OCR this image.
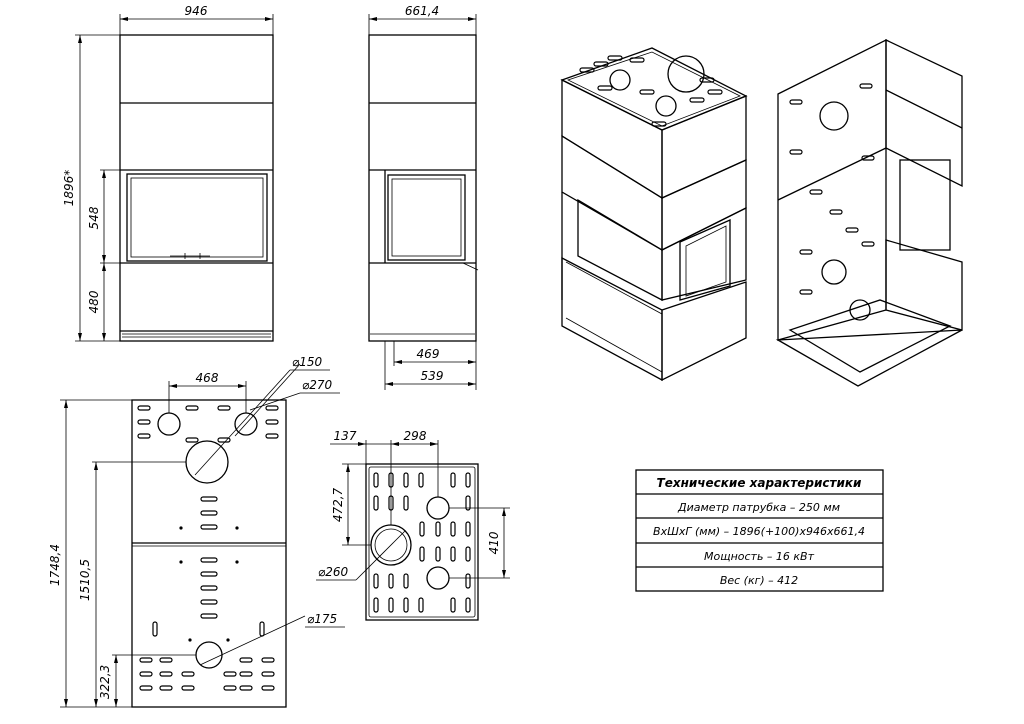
946
1896*
548
480
661,4
469
539
468
⌀150
⌀270
⌀175
1748,4 1510,5
322,3
137	298
472,7
410
⌀260
Технические характеристики
Диаметр патрубка – 250 мм
ВхШхГ (мм) – 1896(+100)х946х661,4
Мощность – 16 кВт
Вес (кг) – 412
